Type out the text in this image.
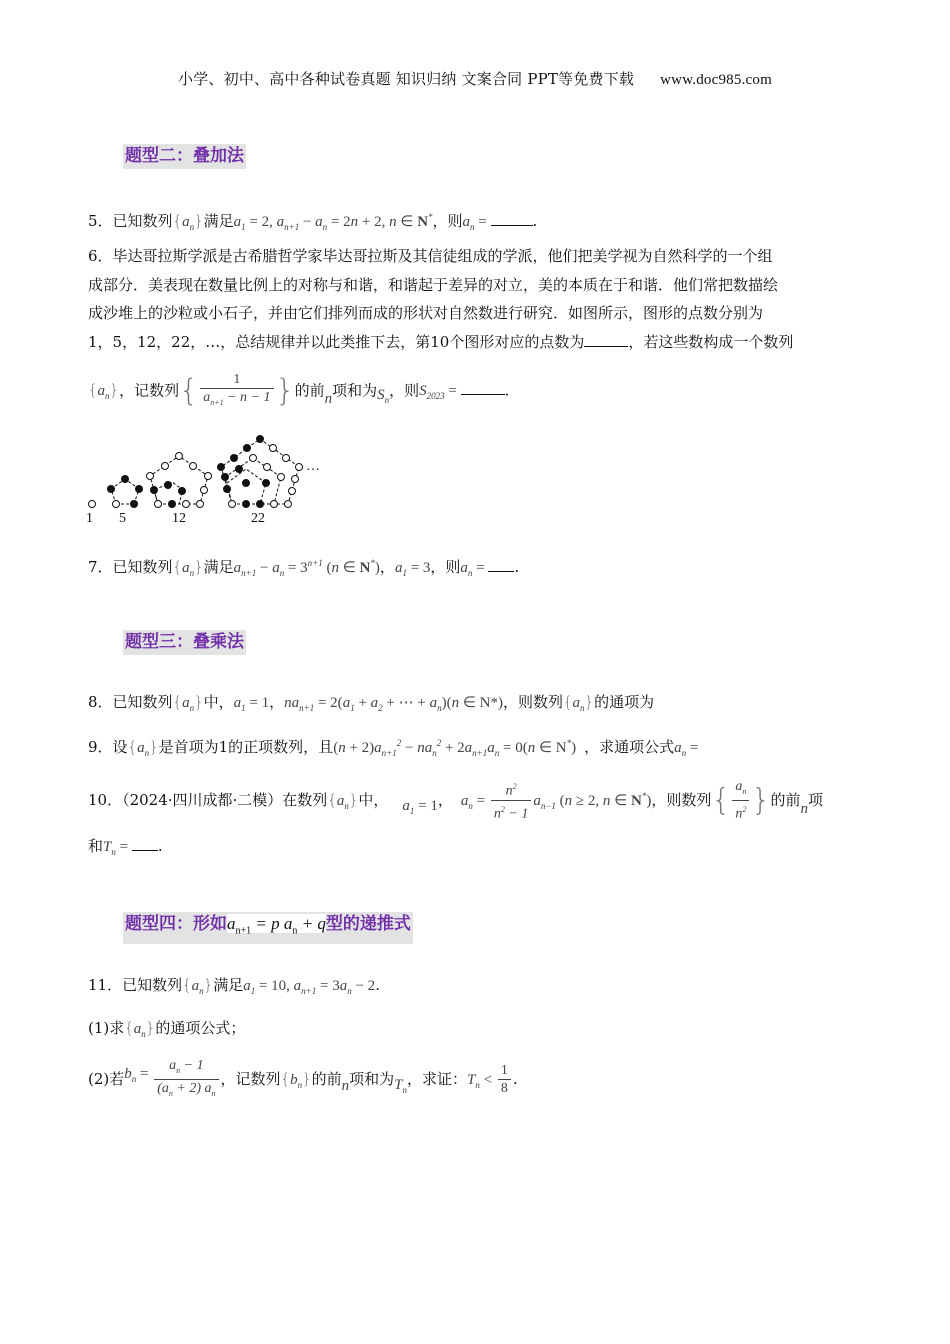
小学、初中、高中各种试卷真题 知识归纳 文案合同 PPT等免费下载 www.doc985.com
题型二：叠加法
5．已知数列$\{a_n\}$满足$a_1 = 2$, $a_{n+1} - a_n = 2n + 2$, n ∈ N*，则$a_n$ =	.
6．毕达哥拉斯学派是古希腊哲学家毕达哥拉斯及其信徒组成的学派，他们把美学视为自然科学的一个组
成部分．美表现在数量比例上的对称与和谐，和谐起于差异的对立，美的本质在于和谐．他们常把数描绘
成沙堆上的沙粒或小石子，并由它们排列而成的形状对自然数进行研究．如图所示，图形的点数分别为
1，5，12，22，…，总结规律并以此类推下去，第10个图形对应的点数为	，若这些数构成一个数列
$\{a_n\}$，记数列{ $\frac{1}{a_{n+1} - n - 1}$ }的前n项和为$S_n$，则$S_{2023}$ =	.
1 5	12	22
…
7．已知数列$\{a_n\}$满足$a_{n+1} - a_n = 3^{n+1}$ (n ∈ N*)，$a_1 = 3$，则$a_n$ = .
题型三：叠乘法
8．已知数列$\{a_n\}$中，$a_1 = 1$，$na_{n+1} = 2(a_1 + a_2$ + ⋯ + $a_n)(n$ ∈ N*)，则数列$\{a_n\}$的通项为
9．设$\{a_n\}$是首项为1的正项数列，且$(n + 2)a_{n+1}^2 - na_n^2 + 2a_{n+1}a_n = 0(n$ ∈ N*) ，求通项公式$a_n$ =
10．（2024·四川成都·二模）在数列$\{a_n\}$中， $a_1 = 1$， $a_n = \frac{n^2}{n^2 - 1} a_{n-1}$ (n ≥ 2, n ∈ N*)，则数列{ $\frac{a_n}{n^2}$ }的前n项
和$T_n$ = .
题型四：形如$a_{n+1} = p$ $a_n + q$型的递推式
11．已知数列$\{a_n\}$满足$a_1 = 10$, $a_{n+1} = 3a_n - 2$.
(1)求$\{a_n\}$的通项公式；
(2)若$b_n = \frac{a_n - 1}{(a_n + 2) a_n}$ ，记数列$\{b_n\}$的前n项和为$T_n$，求证：$T_n < \frac{1}{8}$ .
